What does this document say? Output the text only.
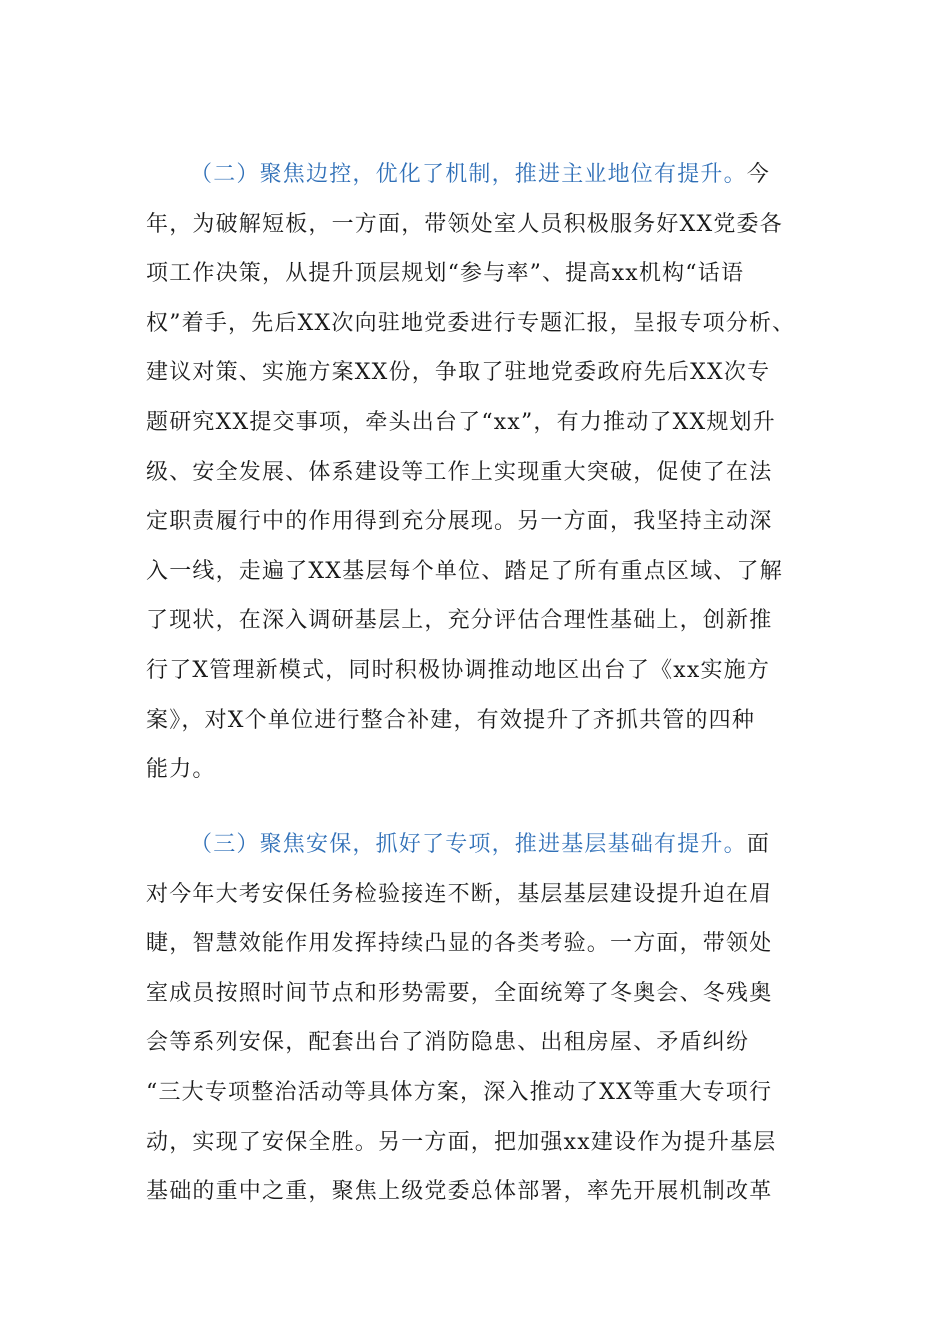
（二）聚焦边控，优化了机制，推进主业地位有提升。今
年，为破解短板，一方面，带领处室人员积极服务好XX党委各
项工作决策，从提升顶层规划“参与率”、提高xx机构“话语
权”着手，先后XX次向驻地党委进行专题汇报，呈报专项分析、
建议对策、实施方案XX份，争取了驻地党委政府先后XX次专
题研究XX提交事项，牵头出台了“xx”，有力推动了XX规划升
级、安全发展、体系建设等工作上实现重大突破，促使了在法
定职责履行中的作用得到充分展现。另一方面，我坚持主动深
入一线，走遍了XX基层每个单位、踏足了所有重点区域、了解
了现状，在深入调研基层上，充分评估合理性基础上，创新推
行了X管理新模式，同时积极协调推动地区出台了《xx实施方
案》，对X个单位进行整合补建，有效提升了齐抓共管的四种
能力。
（三）聚焦安保，抓好了专项，推进基层基础有提升。面
对今年大考安保任务检验接连不断，基层基层建设提升迫在眉
睫，智慧效能作用发挥持续凸显的各类考验。一方面，带领处
室成员按照时间节点和形势需要，全面统筹了冬奥会、冬残奥
会等系列安保，配套出台了消防隐患、出租房屋、矛盾纠纷
“三大专项整治活动等具体方案，深入推动了XX等重大专项行
动，实现了安保全胜。另一方面，把加强xx建设作为提升基层
基础的重中之重，聚焦上级党委总体部署，率先开展机制改革
